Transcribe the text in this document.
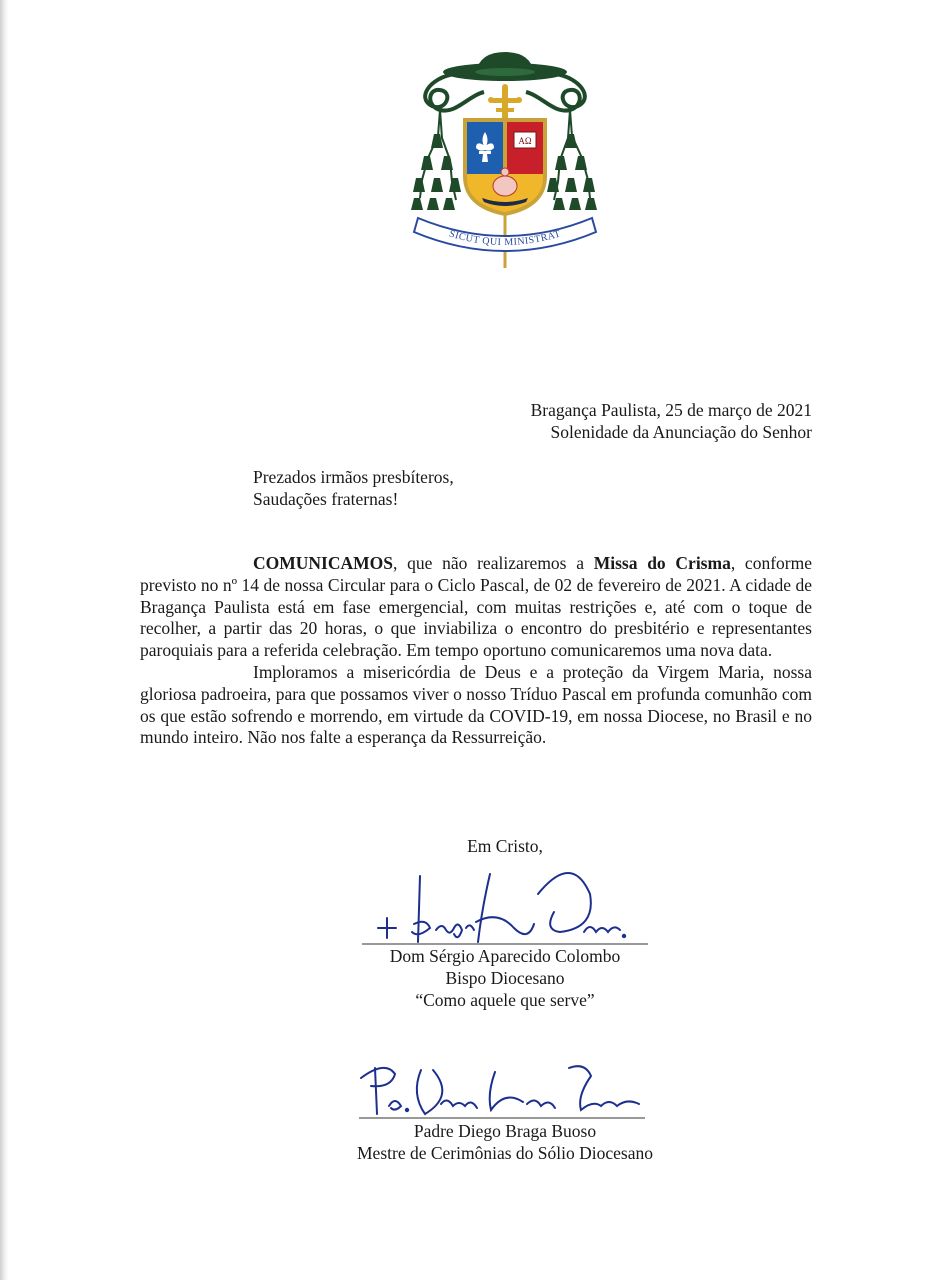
AΩ
SICUT QUI MINISTRAT
Bragança Paulista, 25 de março de 2021
Solenidade da Anunciação do Senhor
Prezados irmãos presbíteros,
Saudações fraternas!

COMUNICAMOS, que não realizaremos a Missa do Crisma, conforme previsto no nº 14 de nossa Circular para o Ciclo Pascal, de 02 de fevereiro de 2021. A cidade de Bragança Paulista está em fase emergencial, com muitas restrições e, até com o toque de recolher, a partir das 20 horas, o que inviabiliza o encontro do presbitério e representantes paroquiais para a referida celebração. Em tempo oportuno comunicaremos uma nova data.

Imploramos a misericórdia de Deus e a proteção da Virgem Maria, nossa gloriosa padroeira, para que possamos viver o nosso Tríduo Pascal em profunda comunhão com os que estão sofrendo e morrendo, em virtude da COVID-19, em nossa Diocese, no Brasil e no mundo inteiro. Não nos falte a esperança da Ressurreição.

Em Cristo,
Dom Sérgio Aparecido Colombo
Bispo Diocesano
“Como aquele que serve”
Padre Diego Braga Buoso
Mestre de Cerimônias do Sólio Diocesano
